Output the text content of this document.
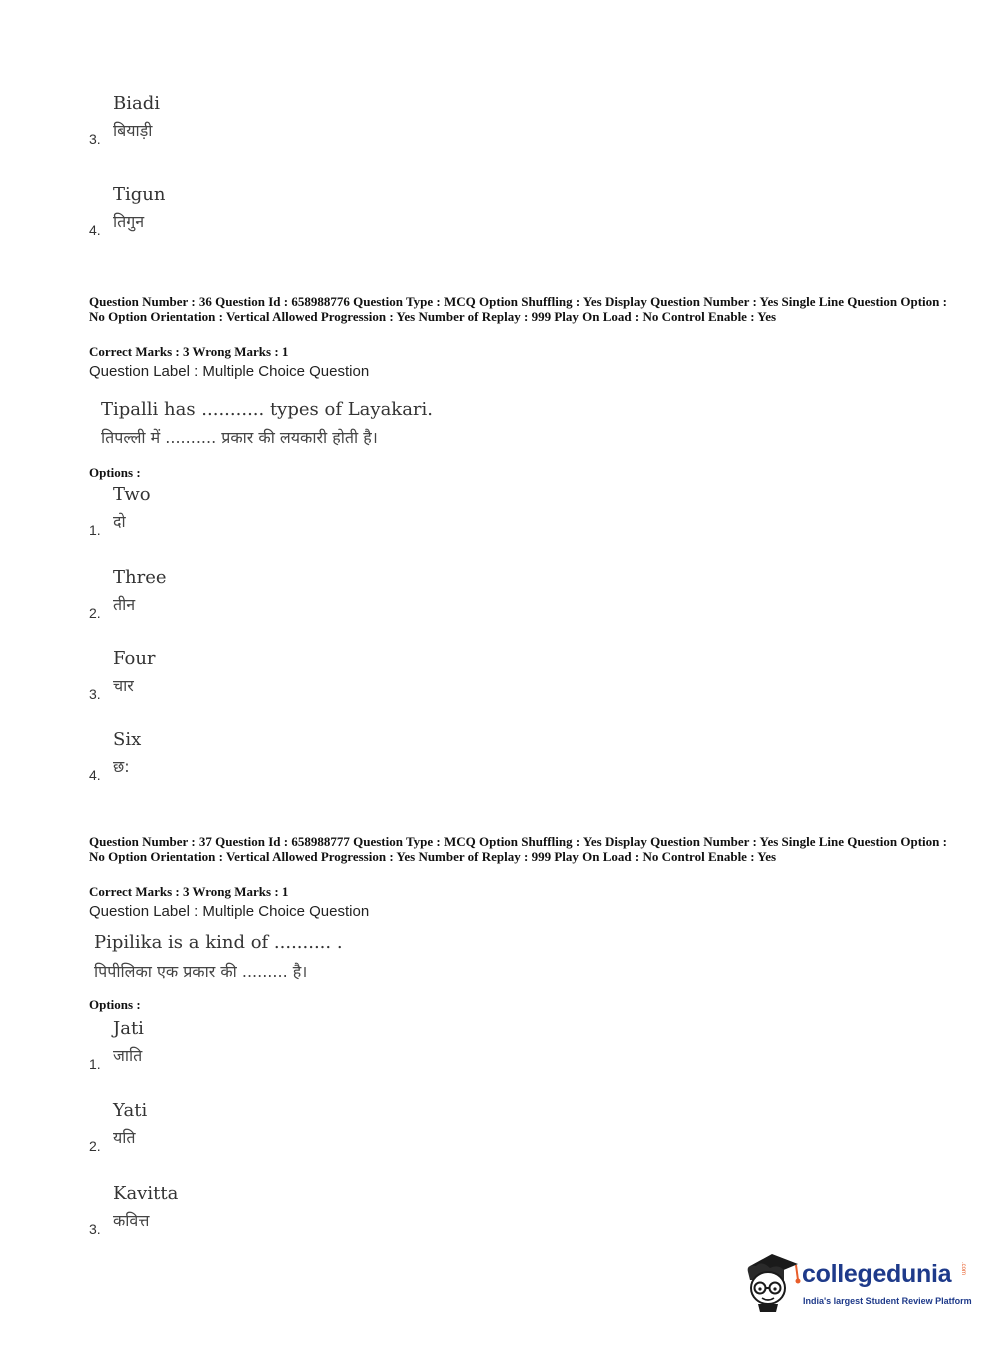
Biadi
बियाड़ी
3.
Tigun
तिगुन
4.
Question Number : 36 Question Id : 658988776 Question Type : MCQ Option Shuffling : Yes Display Question Number : Yes Single Line Question Option : No Option Orientation : Vertical Allowed Progression : Yes Number of Replay : 999 Play On Load : No Control Enable : Yes
Correct Marks : 3 Wrong Marks : 1
Question Label : Multiple Choice Question
Tipalli has ........... types of Layakari.
तिपल्ली में .......... प्रकार की लयकारी होती है।
Options :
Two
दो
1.
Three
तीन
2.
Four
चार
3.
Six
छ:
4.
Question Number : 37 Question Id : 658988777 Question Type : MCQ Option Shuffling : Yes Display Question Number : Yes Single Line Question Option : No Option Orientation : Vertical Allowed Progression : Yes Number of Replay : 999 Play On Load : No Control Enable : Yes
Correct Marks : 3 Wrong Marks : 1
Question Label : Multiple Choice Question
Pipilika is a kind of .......... .
पिपीलिका एक प्रकार की ......... है।
Options :
Jati
जाति
1.
Yati
यति
2.
Kavitta
कवित्त
3.
collegedunia .com
India's largest Student Review Platform
